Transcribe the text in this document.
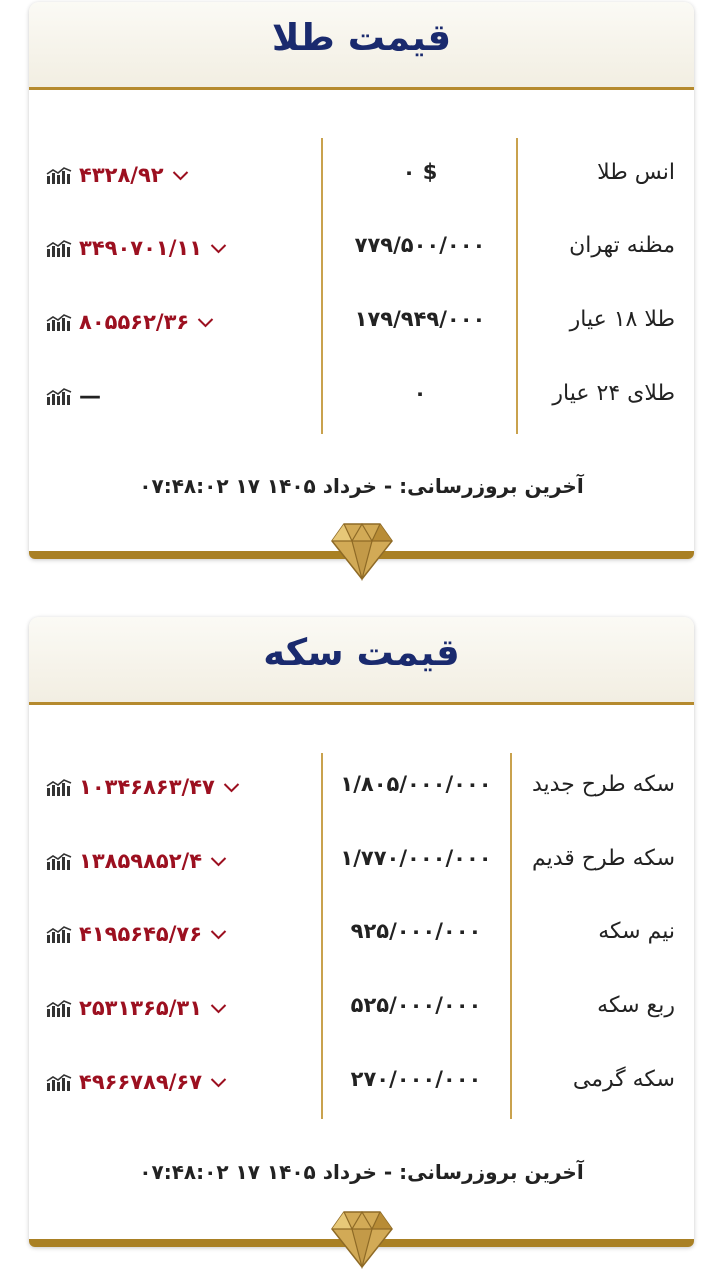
قیمت طلا
انس طلا
۰ $
۴۳۲۸/۹۲
مظنه تهران
۷۷۹/۵۰۰/۰۰۰
۳۴۹۰۷۰۱/۱۱
طلا ۱۸ عیار
۱۷۹/۹۴۹/۰۰۰
۸۰۵۵۶۲/۳۶
طلای ۲۴ عیار
۰
—
۰۷:۴۸:۰۲ ۱۷ خرداد ۱۴۰۵ - آخرین بروزرسانی:
قیمت سکه
سکه طرح جدید
۱/۸۰۵/۰۰۰/۰۰۰
۱۰۳۴۶۸۶۳/۴۷
سکه طرح قدیم
۱/۷۷۰/۰۰۰/۰۰۰
۱۳۸۵۹۸۵۲/۴
نیم سکه
۹۲۵/۰۰۰/۰۰۰
۴۱۹۵۶۴۵/۷۶
ربع سکه
۵۲۵/۰۰۰/۰۰۰
۲۵۳۱۳۶۵/۳۱
سکه گرمی
۲۷۰/۰۰۰/۰۰۰
۴۹۶۶۷۸۹/۶۷
۰۷:۴۸:۰۲ ۱۷ خرداد ۱۴۰۵ - آخرین بروزرسانی:
